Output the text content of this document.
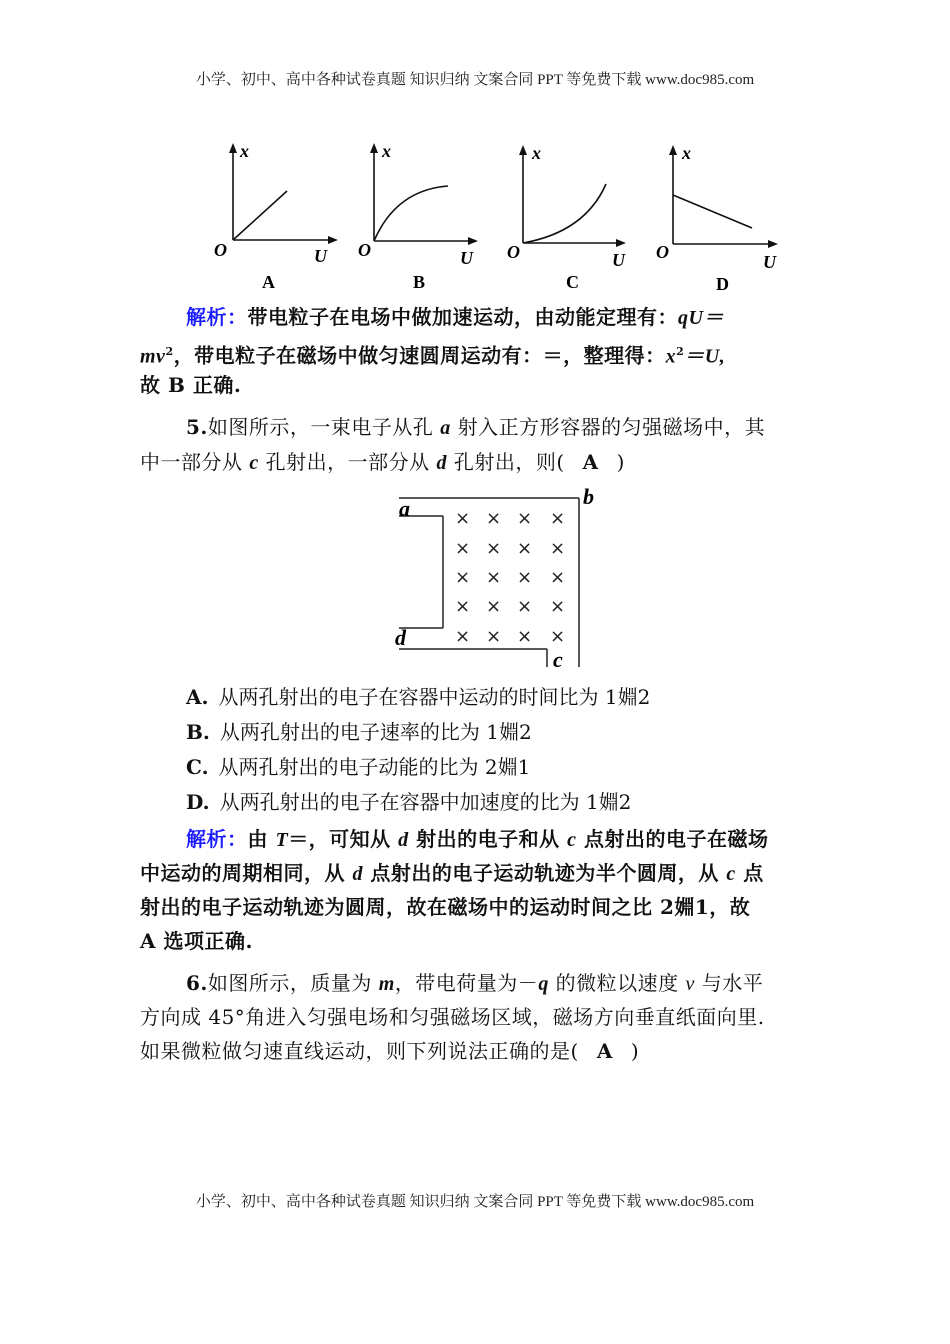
小学、初中、高中各种试卷真题 知识归纳 文案合同 PPT 等免费下载 www.doc985.com
x
O	U
A
x
O	U
B
x
O	U
C
x
O	U
D
解析：带电粒子在电场中做加速运动，由动能定理有：qU＝
$mv^2$，带电粒子在磁场中做匀速圆周运动有：＝，整理得：$x^2=U$,
故 B 正确.
5.如图所示，一束电子从孔 a 射入正方形容器的匀强磁场中，其
中一部分从 c 孔射出，一部分从 d 孔射出，则( A )
a	b
c
d
× × × ×
× × × ×
× × × ×
× × × ×
× × × ×
A. 从两孔射出的电子在容器中运动的时间比为 1婣2
B. 从两孔射出的电子速率的比为 1婣2
C. 从两孔射出的电子动能的比为 2婣1
D. 从两孔射出的电子在容器中加速度的比为 1婣2
解析：由 T＝，可知从 d 射出的电子和从 c 点射出的电子在磁场
中运动的周期相同，从 d 点射出的电子运动轨迹为半个圆周，从 c 点
射出的电子运动轨迹为圆周，故在磁场中的运动时间之比 2婣1，故
A 选项正确.
6.如图所示，质量为 m，带电荷量为－q 的微粒以速度 v 与水平
方向成 45°角进入匀强电场和匀强磁场区域，磁场方向垂直纸面向里.
如果微粒做匀速直线运动，则下列说法正确的是( A )
小学、初中、高中各种试卷真题 知识归纳 文案合同 PPT 等免费下载 www.doc985.com
